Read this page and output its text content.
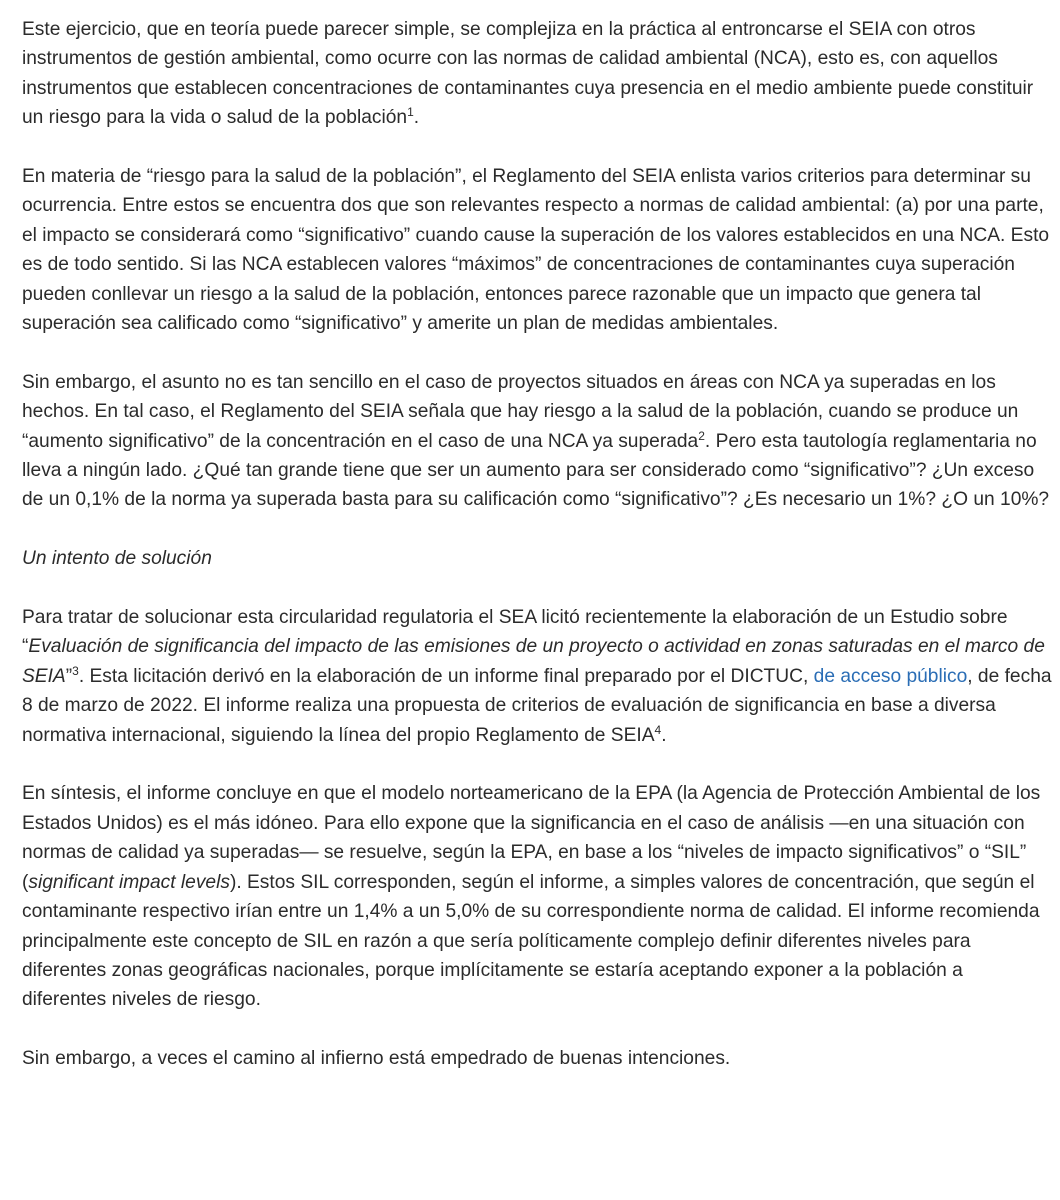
Este ejercicio, que en teoría puede parecer simple, se complejiza en la práctica al entroncarse el SEIA con otros instrumentos de gestión ambiental, como ocurre con las normas de calidad ambiental (NCA), esto es, con aquellos instrumentos que establecen concentraciones de contaminantes cuya presencia en el medio ambiente puede constituir un riesgo para la vida o salud de la población$^1$.

En materia de “riesgo para la salud de la población”, el Reglamento del SEIA enlista varios criterios para determinar su ocurrencia. Entre estos se encuentra dos que son relevantes respecto a normas de calidad ambiental: (a) por una parte, el impacto se considerará como “significativo” cuando cause la superación de los valores establecidos en una NCA. Esto es de todo sentido. Si las NCA establecen valores “máximos” de concentraciones de contaminantes cuya superación pueden conllevar un riesgo a la salud de la población, entonces parece razonable que un impacto que genera tal superación sea calificado como “significativo” y amerite un plan de medidas ambientales.

Sin embargo, el asunto no es tan sencillo en el caso de proyectos situados en áreas con NCA ya superadas en los hechos. En tal caso, el Reglamento del SEIA señala que hay riesgo a la salud de la población, cuando se produce un “aumento significativo” de la concentración en el caso de una NCA ya superada$^2$. Pero esta tautología reglamentaria no lleva a ningún lado. ¿Qué tan grande tiene que ser un aumento para ser considerado como “significativo”? ¿Un exceso de un 0,1% de la norma ya superada basta para su calificación como “significativo”? ¿Es necesario un 1%? ¿O un 10%?

Un intento de solución

Para tratar de solucionar esta circularidad regulatoria el SEA licitó recientemente la elaboración de un Estudio sobre “Evaluación de significancia del impacto de las emisiones de un proyecto o actividad en zonas saturadas en el marco de SEIA”$^3$. Esta licitación derivó en la elaboración de un informe final preparado por el DICTUC, de acceso público, de fecha 8 de marzo de 2022. El informe realiza una propuesta de criterios de evaluación de significancia en base a diversa normativa internacional, siguiendo la línea del propio Reglamento de SEIA$^4$.

En síntesis, el informe concluye en que el modelo norteamericano de la EPA (la Agencia de Protección Ambiental de los Estados Unidos) es el más idóneo. Para ello expone que la significancia en el caso de análisis —en una situación con normas de calidad ya superadas— se resuelve, según la EPA, en base a los “niveles de impacto significativos” o “SIL” (significant impact levels). Estos SIL corresponden, según el informe, a simples valores de concentración, que según el contaminante respectivo irían entre un 1,4% a un 5,0% de su correspondiente norma de calidad. El informe recomienda principalmente este concepto de SIL en razón a que sería políticamente complejo definir diferentes niveles para diferentes zonas geográficas nacionales, porque implícitamente se estaría aceptando exponer a la población a diferentes niveles de riesgo.

Sin embargo, a veces el camino al infierno está empedrado de buenas intenciones.
